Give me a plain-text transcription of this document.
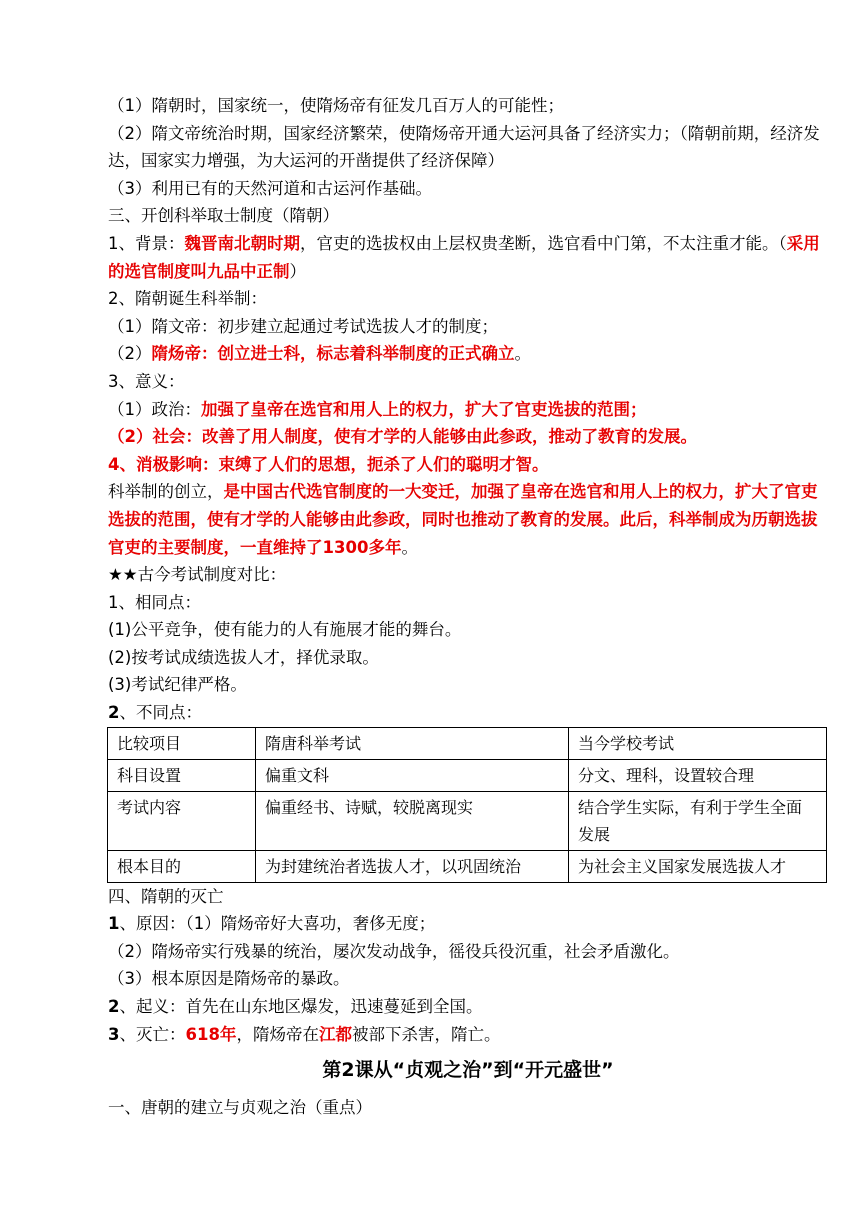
（1）隋朝时，国家统一，使隋炀帝有征发几百万人的可能性；
（2）隋文帝统治时期，国家经济繁荣，使隋炀帝开通大运河具备了经济实力；（隋朝前期，经济发达，国家实力增强，为大运河的开凿提供了经济保障）
（3）利用已有的天然河道和古运河作基础。
三、开创科举取士制度（隋朝）
1、背景：魏晋南北朝时期，官吏的选拔权由上层权贵垄断，选官看中门第，不太注重才能。（采用的选官制度叫九品中正制）
2、隋朝诞生科举制：
（1）隋文帝：初步建立起通过考试选拔人才的制度；
（2）隋炀帝：创立进士科，标志着科举制度的正式确立。
3、意义：
（1）政治：加强了皇帝在选官和用人上的权力，扩大了官吏选拔的范围；
（2）社会：改善了用人制度，使有才学的人能够由此参政，推动了教育的发展。
4、消极影响：束缚了人们的思想，扼杀了人们的聪明才智。
科举制的创立，是中国古代选官制度的一大变迁，加强了皇帝在选官和用人上的权力，扩大了官吏选拔的范围，使有才学的人能够由此参政，同时也推动了教育的发展。此后，科举制成为历朝选拔官吏的主要制度，一直维持了1300多年。
★★古今考试制度对比：
1、相同点：
(1)公平竞争，使有能力的人有施展才能的舞台。
(2)按考试成绩选拔人才，择优录取。
(3)考试纪律严格。
2、不同点：
比较项目	隋唐科举考试	当今学校考试
科目设置	偏重文科	分文、理科，设置较合理
考试内容	偏重经书、诗赋，较脱离现实	结合学生实际，有利于学生全面发展
根本目的	为封建统治者选拔人才，以巩固统治	为社会主义国家发展选拔人才
四、隋朝的灭亡
1、原因：（1）隋炀帝好大喜功，奢侈无度；
（2）隋炀帝实行残暴的统治，屡次发动战争，徭役兵役沉重，社会矛盾激化。
（3）根本原因是隋炀帝的暴政。
2、起义：首先在山东地区爆发，迅速蔓延到全国。
3、灭亡：618年，隋炀帝在江都被部下杀害，隋亡。
第2课从“贞观之治”到“开元盛世”
一、唐朝的建立与贞观之治（重点）
